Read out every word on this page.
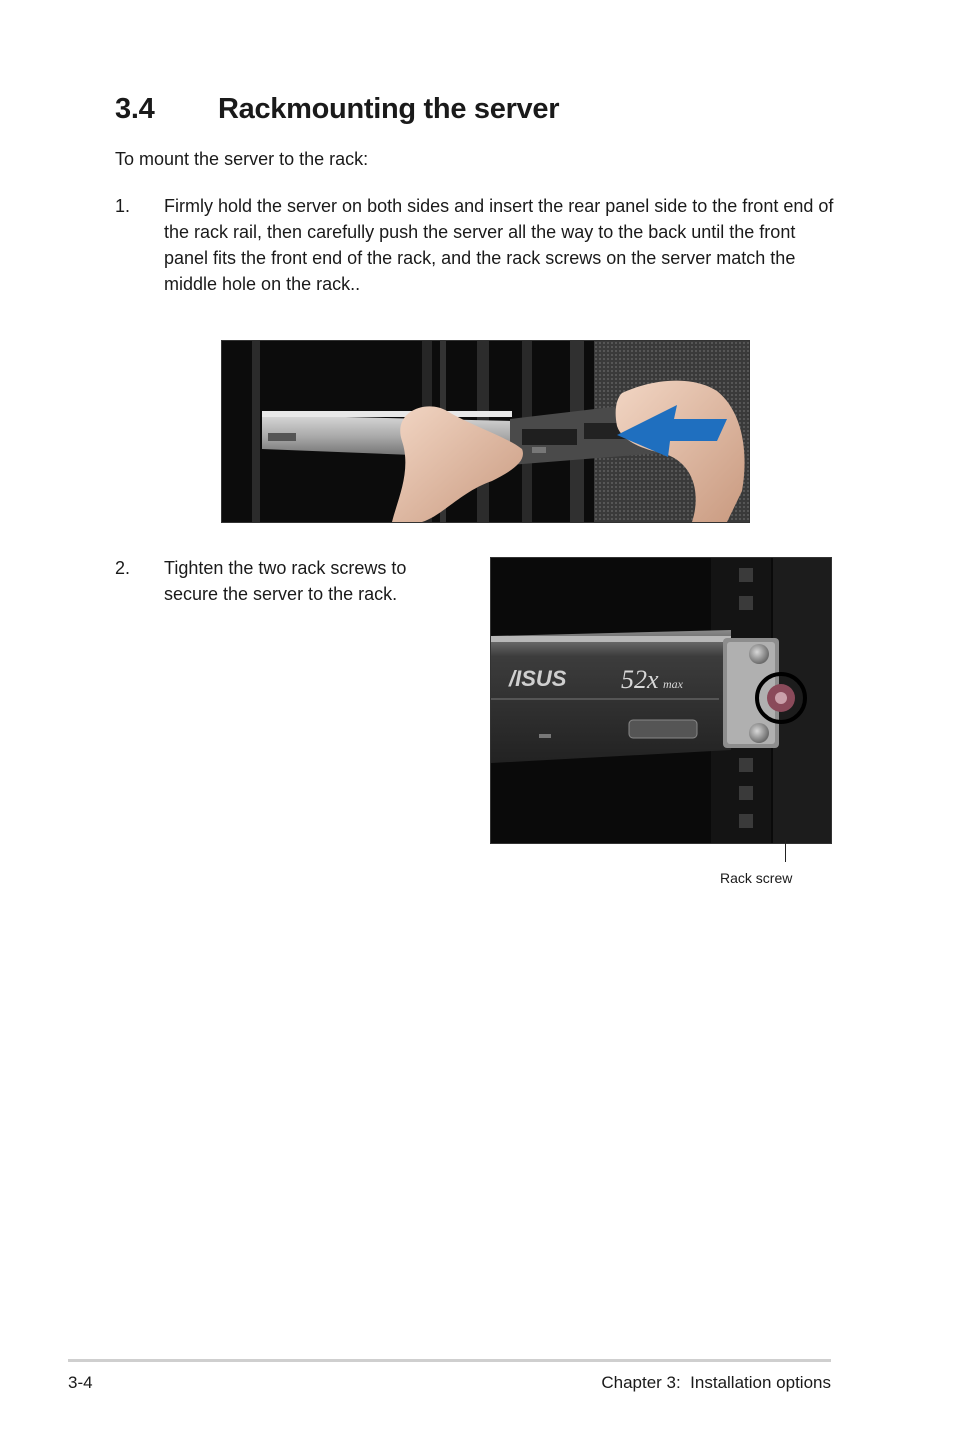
3.4 Rackmounting the server
To mount the server to the rack:
1. Firmly hold the server on both sides and insert the rear panel side to the front end of the rack rail, then carefully push the server all the way to the back until the front panel fits the front end of the rack, and the rack screws on the server match the middle hole on the rack..
2. Tighten the two rack screws to secure the server to the rack.
/ISUS 52x max
Rack screw
3-4	Chapter 3:  Installation options
